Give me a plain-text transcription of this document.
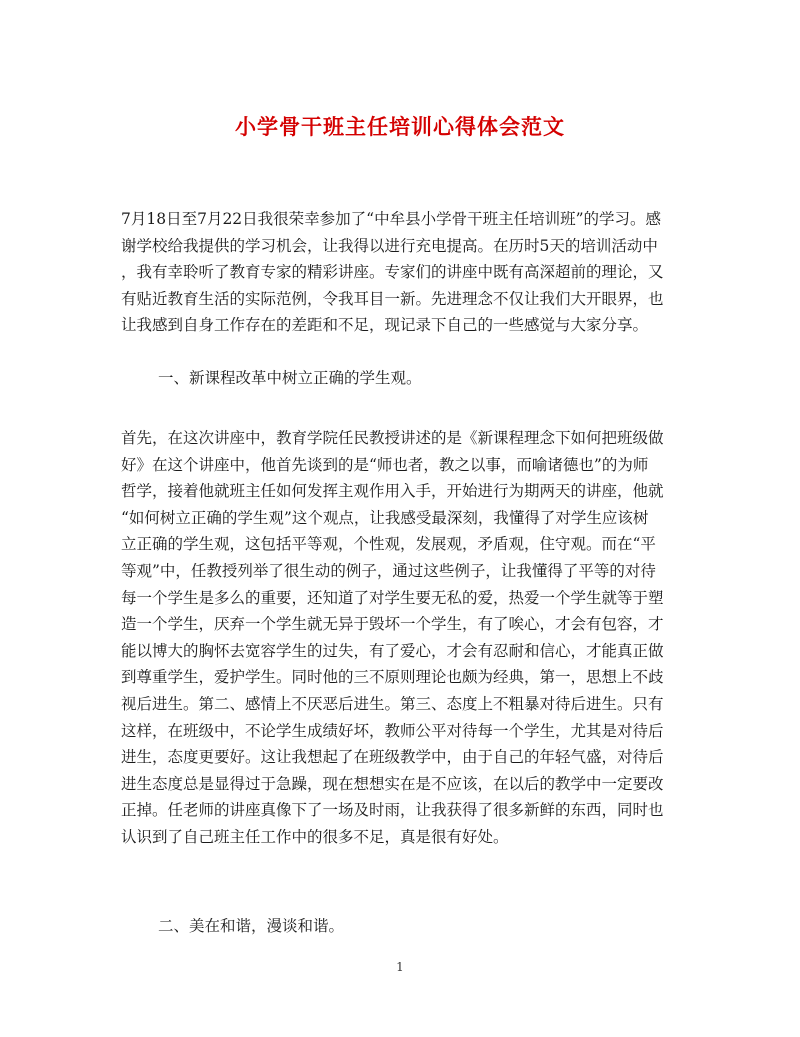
小学骨干班主任培训心得体会范文
7月18日至7月22日我很荣幸参加了“中牟县小学骨干班主任培训班”的学习。感
谢学校给我提供的学习机会，让我得以进行充电提高。在历时5天的培训活动中
，我有幸聆听了教育专家的精彩讲座。专家们的讲座中既有高深超前的理论，又
有贴近教育生活的实际范例，令我耳目一新。先进理念不仅让我们大开眼界，也
让我感到自身工作存在的差距和不足，现记录下自己的一些感觉与大家分享。
一、新课程改革中树立正确的学生观。
首先，在这次讲座中，教育学院任民教授讲述的是《新课程理念下如何把班级做
好》在这个讲座中，他首先谈到的是“师也者，教之以事，而喻诸德也”的为师
哲学，接着他就班主任如何发挥主观作用入手，开始进行为期两天的讲座，他就
“如何树立正确的学生观”这个观点，让我感受最深刻，我懂得了对学生应该树
立正确的学生观，这包括平等观，个性观，发展观，矛盾观，住守观。而在“平
等观”中，任教授列举了很生动的例子，通过这些例子，让我懂得了平等的对待
每一个学生是多么的重要，还知道了对学生要无私的爱，热爱一个学生就等于塑
造一个学生，厌弃一个学生就无异于毁坏一个学生，有了唉心，才会有包容，才
能以博大的胸怀去宽容学生的过失，有了爱心，才会有忍耐和信心，才能真正做
到尊重学生，爱护学生。同时他的三不原则理论也颇为经典，第一，思想上不歧
视后进生。第二、感情上不厌恶后进生。第三、态度上不粗暴对待后进生。只有
这样，在班级中，不论学生成绩好坏，教师公平对待每一个学生，尤其是对待后
进生，态度更要好。这让我想起了在班级教学中，由于自己的年轻气盛，对待后
进生态度总是显得过于急躁，现在想想实在是不应该，在以后的教学中一定要改
正掉。任老师的讲座真像下了一场及时雨，让我获得了很多新鲜的东西，同时也
认识到了自己班主任工作中的很多不足，真是很有好处。
二、美在和谐，漫谈和谐。
1
